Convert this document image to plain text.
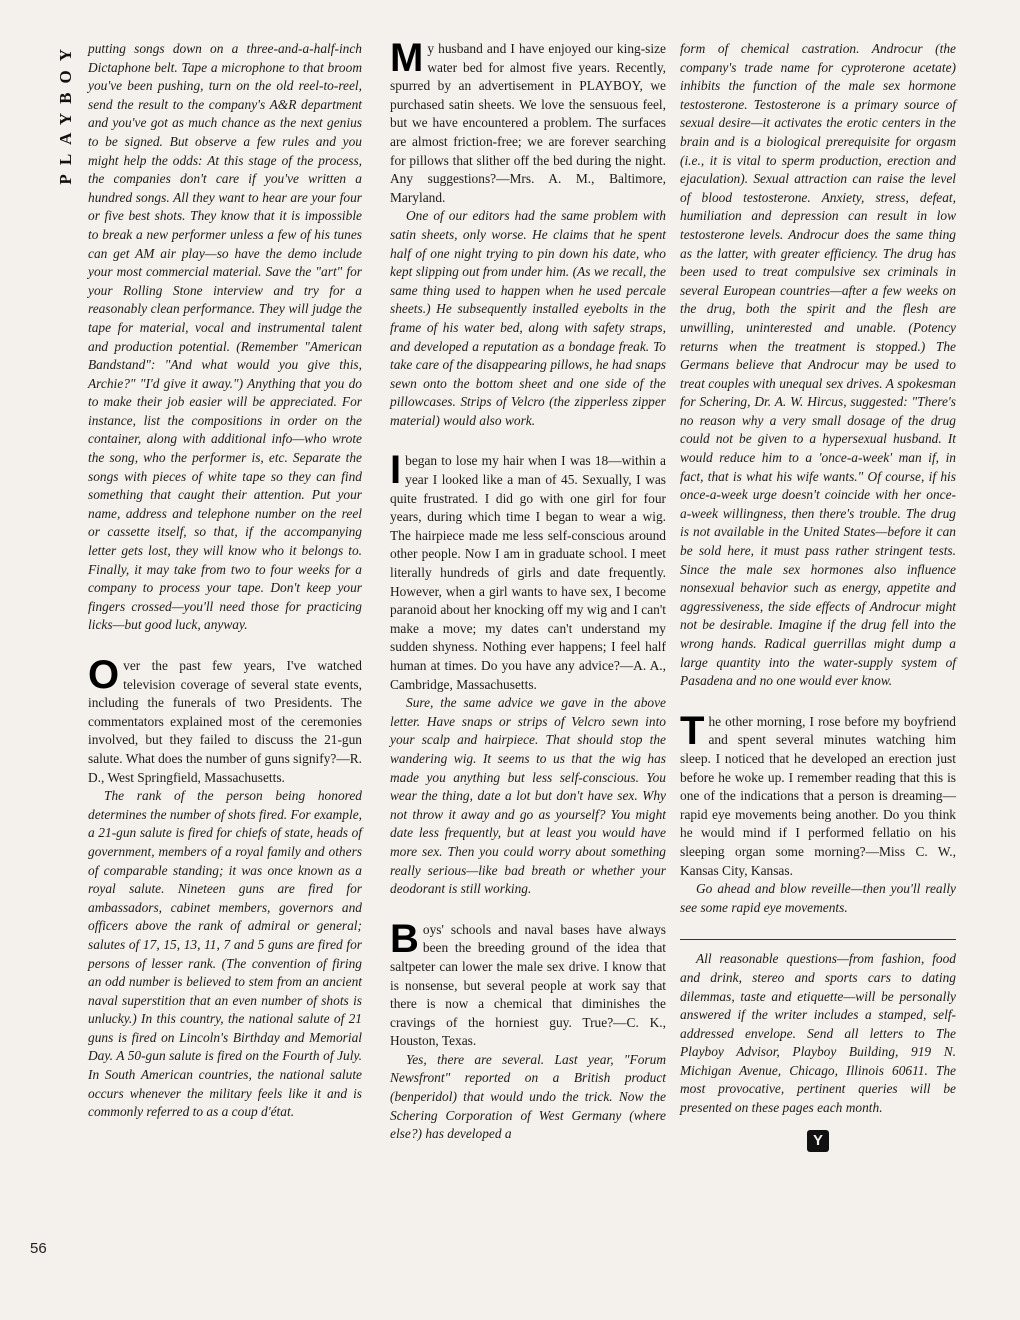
PLAYBOY
56

putting songs down on a three-and-a-half-inch Dictaphone belt. Tape a microphone to that broom you've been pushing, turn on the old reel-to-reel, send the result to the company's A&R department and you've got as much chance as the next genius to be signed. But observe a few rules and you might help the odds: At this stage of the process, the companies don't care if you've written a hundred songs. All they want to hear are your four or five best shots. They know that it is impossible to break a new performer unless a few of his tunes can get AM air play—so have the demo include your most commercial material. Save the "art" for your Rolling Stone interview and try for a reasonably clean performance. They will judge the tape for material, vocal and instrumental talent and production potential. (Remember "American Bandstand": "And what would you give this, Archie?" "I'd give it away.") Anything that you do to make their job easier will be appreciated. For instance, list the compositions in order on the container, along with additional info—who wrote the song, who the performer is, etc. Separate the songs with pieces of white tape so they can find something that caught their attention. Put your name, address and telephone number on the reel or cassette itself, so that, if the accompanying letter gets lost, they will know who it belongs to. Finally, it may take from two to four weeks for a company to process your tape. Don't keep your fingers crossed—you'll need those for practicing licks—but good luck, anyway.

Over the past few years, I've watched television coverage of several state events, including the funerals of two Presidents. The commentators explained most of the ceremonies involved, but they failed to discuss the 21-gun salute. What does the number of guns signify?—R. D., West Springfield, Massachusetts.

The rank of the person being honored determines the number of shots fired. For example, a 21-gun salute is fired for chiefs of state, heads of government, members of a royal family and others of comparable standing; it was once known as a royal salute. Nineteen guns are fired for ambassadors, cabinet members, governors and officers above the rank of admiral or general; salutes of 17, 15, 13, 11, 7 and 5 guns are fired for persons of lesser rank. (The convention of firing an odd number is believed to stem from an ancient naval superstition that an even number of shots is unlucky.) In this country, the national salute of 21 guns is fired on Lincoln's Birthday and Memorial Day. A 50-gun salute is fired on the Fourth of July. In South American countries, the national salute occurs whenever the military feels like it and is commonly referred to as a coup d'état.

My husband and I have enjoyed our king-size water bed for almost five years. Recently, spurred by an advertisement in PLAYBOY, we purchased satin sheets. We love the sensuous feel, but we have encountered a problem. The surfaces are almost friction-free; we are forever searching for pillows that slither off the bed during the night. Any suggestions?—Mrs. A. M., Baltimore, Maryland.

One of our editors had the same problem with satin sheets, only worse. He claims that he spent half of one night trying to pin down his date, who kept slipping out from under him. (As we recall, the same thing used to happen when he used percale sheets.) He subsequently installed eyebolts in the frame of his water bed, along with safety straps, and developed a reputation as a bondage freak. To take care of the disappearing pillows, he had snaps sewn onto the bottom sheet and one side of the pillowcases. Strips of Velcro (the zipperless zipper material) would also work.

I began to lose my hair when I was 18—within a year I looked like a man of 45. Sexually, I was quite frustrated. I did go with one girl for four years, during which time I began to wear a wig. The hairpiece made me less self-conscious around other people. Now I am in graduate school. I meet literally hundreds of girls and date frequently. However, when a girl wants to have sex, I become paranoid about her knocking off my wig and I can't make a move; my dates can't understand my sudden shyness. Nothing ever happens; I feel half human at times. Do you have any advice?—A. A., Cambridge, Massachusetts.

Sure, the same advice we gave in the above letter. Have snaps or strips of Velcro sewn into your scalp and hairpiece. That should stop the wandering wig. It seems to us that the wig has made you anything but less self-conscious. You wear the thing, date a lot but don't have sex. Why not throw it away and go as yourself? You might date less frequently, but at least you would have more sex. Then you could worry about something really serious—like bad breath or whether your deodorant is still working.

Boys' schools and naval bases have always been the breeding ground of the idea that saltpeter can lower the male sex drive. I know that is nonsense, but several people at work say that there is now a chemical that diminishes the cravings of the horniest guy. True?—C. K., Houston, Texas.

Yes, there are several. Last year, "Forum Newsfront" reported on a British product (benperidol) that would undo the trick. Now the Schering Corporation of West Germany (where else?) has developed a

form of chemical castration. Androcur (the company's trade name for cyproterone acetate) inhibits the function of the male sex hormone testosterone. Testosterone is a primary source of sexual desire—it activates the erotic centers in the brain and is a biological prerequisite for orgasm (i.e., it is vital to sperm production, erection and ejaculation). Sexual attraction can raise the level of blood testosterone. Anxiety, stress, defeat, humiliation and depression can result in low testosterone levels. Androcur does the same thing as the latter, with greater efficiency. The drug has been used to treat compulsive sex criminals in several European countries—after a few weeks on the drug, both the spirit and the flesh are unwilling, uninterested and unable. (Potency returns when the treatment is stopped.) The Germans believe that Androcur may be used to treat couples with unequal sex drives. A spokesman for Schering, Dr. A. W. Hircus, suggested: "There's no reason why a very small dosage of the drug could not be given to a hypersexual husband. It would reduce him to a 'once-a-week' man if, in fact, that is what his wife wants." Of course, if his once-a-week urge doesn't coincide with her once-a-week willingness, then there's trouble. The drug is not available in the United States—before it can be sold here, it must pass rather stringent tests. Since the male sex hormones also influence nonsexual behavior such as energy, appetite and aggressiveness, the side effects of Androcur might not be desirable. Imagine if the drug fell into the wrong hands. Radical guerrillas might dump a large quantity into the water-supply system of Pasadena and no one would ever know.

The other morning, I rose before my boyfriend and spent several minutes watching him sleep. I noticed that he developed an erection just before he woke up. I remember reading that this is one of the indications that a person is dreaming—rapid eye movements being another. Do you think he would mind if I performed fellatio on his sleeping organ some morning?—Miss C. W., Kansas City, Kansas.

Go ahead and blow reveille—then you'll really see some rapid eye movements.

All reasonable questions—from fashion, food and drink, stereo and sports cars to dating dilemmas, taste and etiquette—will be personally answered if the writer includes a stamped, self-addressed envelope. Send all letters to The Playboy Advisor, Playboy Building, 919 N. Michigan Avenue, Chicago, Illinois 60611. The most provocative, pertinent queries will be presented on these pages each month.

Y
